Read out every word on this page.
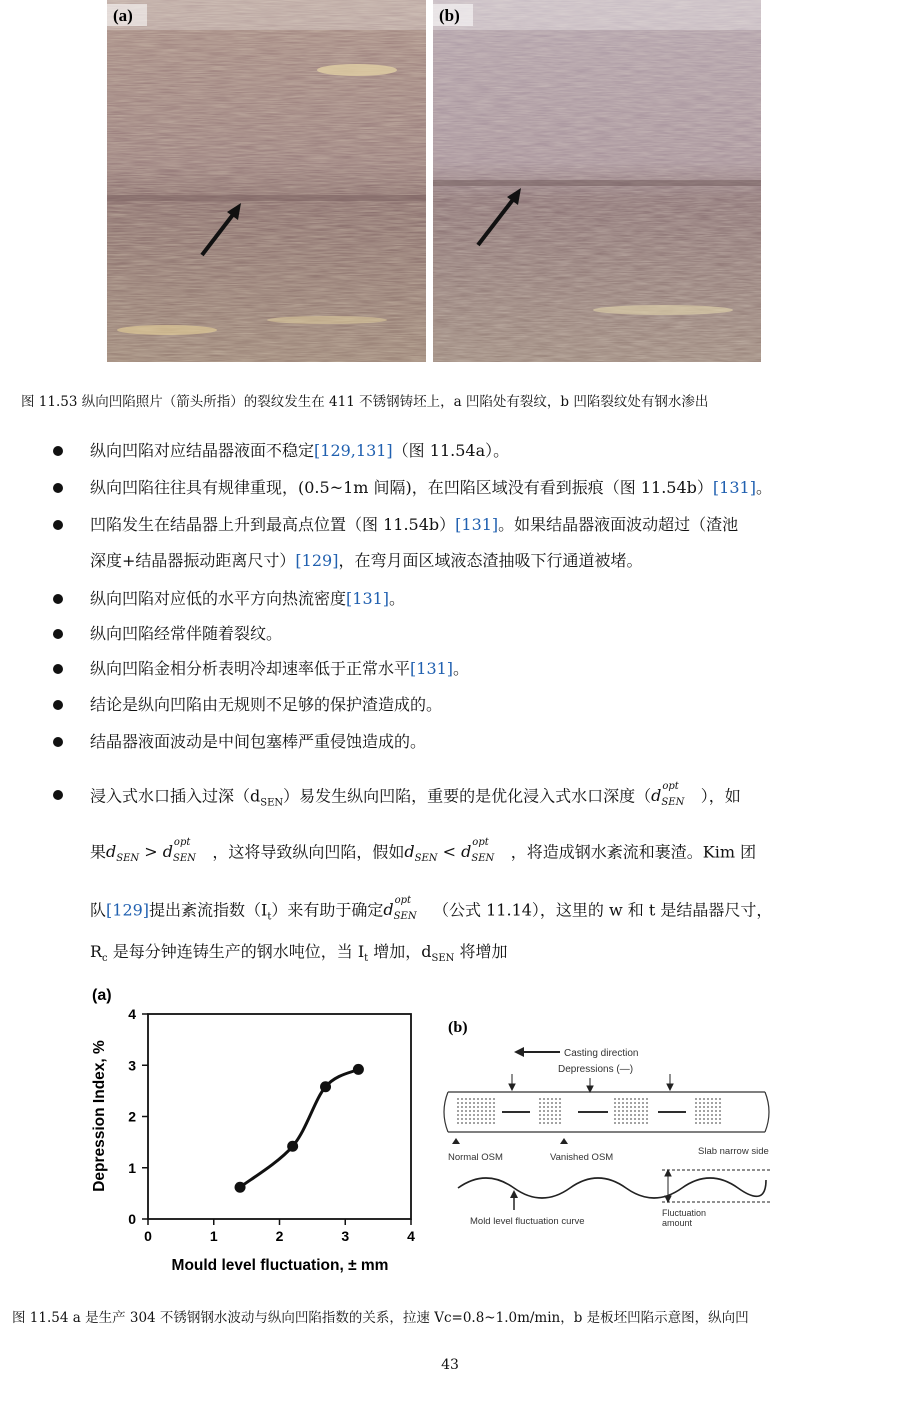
(a)	(b)
图 11.53 纵向凹陷照片（箭头所指）的裂纹发生在 411 不锈钢铸坯上，a 凹陷处有裂纹，b 凹陷裂纹处有钢水渗出
纵向凹陷对应结晶器液面不稳定[129,131]（图 11.54a）。
纵向凹陷往往具有规律重现，(0.5~1m 间隔)，在凹陷区域没有看到振痕（图 11.54b）[131]。
凹陷发生在结晶器上升到最高点位置（图 11.54b）[131]。如果结晶器液面波动超过（渣池
深度+结晶器振动距离尺寸）[129]，在弯月面区域液态渣抽吸下行通道被堵。
纵向凹陷对应低的水平方向热流密度[131]。
纵向凹陷经常伴随着裂纹。
纵向凹陷金相分析表明冷却速率低于正常水平[131]。
结论是纵向凹陷由无规则不足够的保护渣造成的。
结晶器液面波动是中间包塞棒严重侵蚀造成的。
浸入式水口插入过深$(d_{SEN})$易发生纵向凹陷，重要的是优化浸入式水口深度（$d_{SEN}^{opt}$ ），如
果$d_{SEN} > d_{SEN}^{opt}$ ，这将导致纵向凹陷，假如$d_{SEN} < d_{SEN}^{opt}$ ，将造成钢水紊流和裹渣。Kim 团
队[129]提出紊流指数$(I_t)$来有助于确定$d_{SEN}^{opt}$ （公式 11.14），这里的 w 和 t 是结晶器尺寸，
$R_c$ 是每分钟连铸生产的钢水吨位，当 $I_t$ 增加，$d_{SEN}$ 将增加
(a)
0
1
2
3
4
0	1	2	3	4
Mould level fluctuation, ± mm
Depression Index, %
(b)
Casting direction
Depressions (—)
Normal OSM	Vanished OSM
Slab narrow side
Mold level fluctuation curve
Fluctuation
amount
图 11.54 a 是生产 304 不锈钢钢水波动与纵向凹陷指数的关系，拉速 Vc=0.8~1.0m/min，b 是板坯凹陷示意图，纵向凹
43
